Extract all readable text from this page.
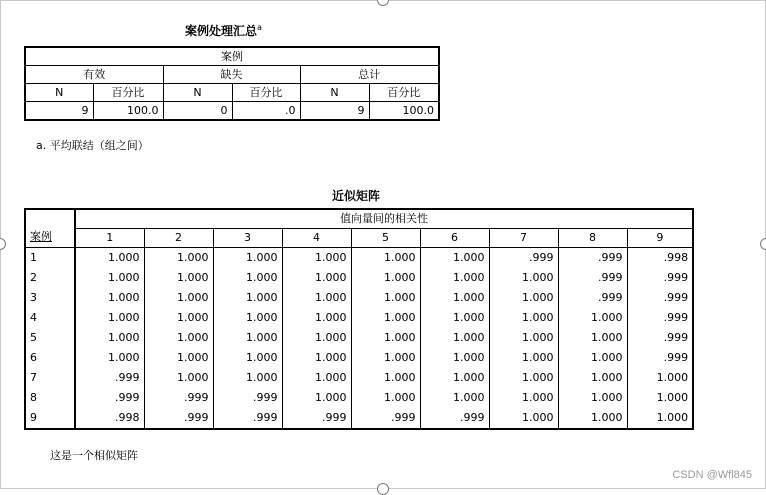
案例处理汇总$^a$
案例					
有效		缺失		总计	
N	百分比	N	百分比	N	百分比
9	100.0	0	.0	9	100.0
a. 平均联结（组之间）
近似矩阵
案例	值向量间的相关性								
	1	2	3	4	5	6	7	8	9
1	1.000	1.000	1.000	1.000	1.000	1.000	.999	.999	.998
2	1.000	1.000	1.000	1.000	1.000	1.000	1.000	.999	.999
3	1.000	1.000	1.000	1.000	1.000	1.000	1.000	.999	.999
4	1.000	1.000	1.000	1.000	1.000	1.000	1.000	1.000	.999
5	1.000	1.000	1.000	1.000	1.000	1.000	1.000	1.000	.999
6	1.000	1.000	1.000	1.000	1.000	1.000	1.000	1.000	.999
7	.999	1.000	1.000	1.000	1.000	1.000	1.000	1.000	1.000
8	.999	.999	.999	1.000	1.000	1.000	1.000	1.000	1.000
9	.998	.999	.999	.999	.999	.999	1.000	1.000	1.000
这是一个相似矩阵
CSDN @Wfl845
